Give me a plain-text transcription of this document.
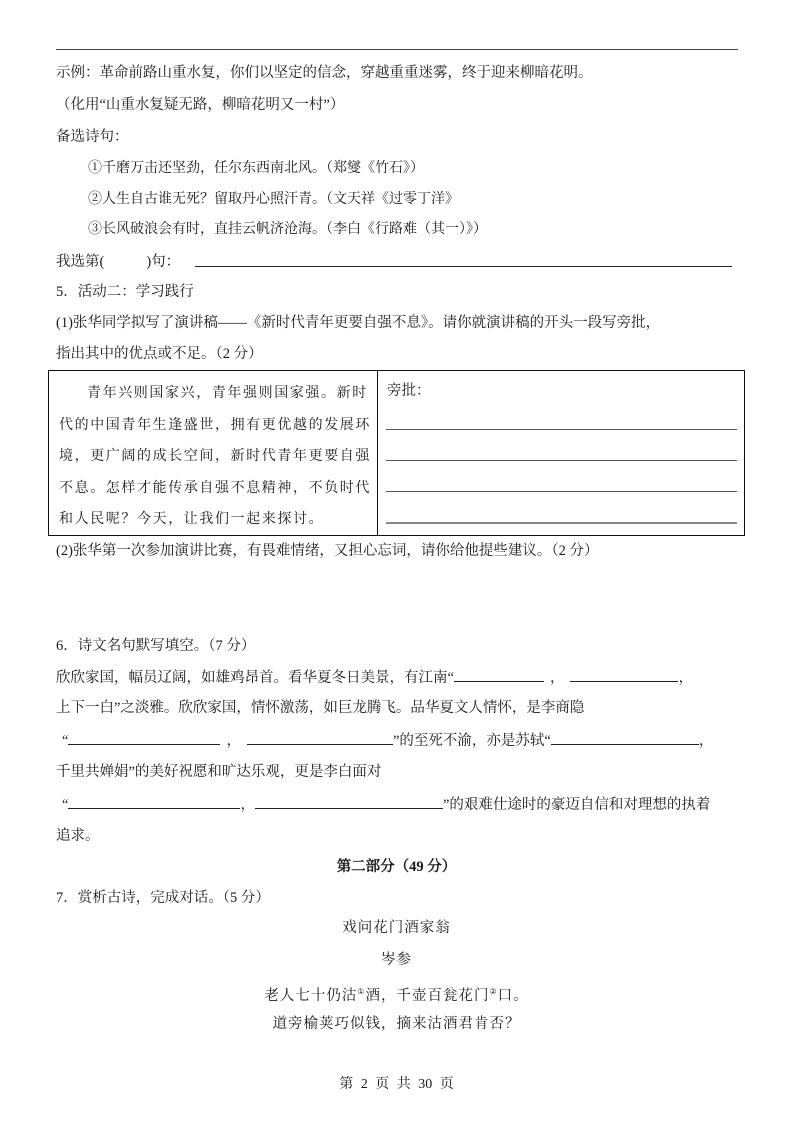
示例：革命前路山重水复，你们以坚定的信念，穿越重重迷雾，终于迎来柳暗花明。
（化用“山重水复疑无路，柳暗花明又一村”）
备选诗句：
①千磨万击还坚劲，任尔东西南北风。（郑燮《竹石》）
②人生自古谁无死？留取丹心照汗青。（文天祥《过零丁洋》
③长风破浪会有时，直挂云帆济沧海。（李白《行路难（其一）》）
我选第(	)句：
5．活动二：学习践行
(1)张华同学拟写了演讲稿——《新时代青年更要自强不息》。请你就演讲稿的开头一段写旁批，
指出其中的优点或不足。（2 分）
青年兴则国家兴，青年强则国家强。新时
代的中国青年生逢盛世，拥有更优越的发展环
境，更广阔的成长空间，新时代青年更要自强
不息。怎样才能传承自强不息精神，不负时代
和人民呢？今天，让我们一起来探讨。
旁批：
(2)张华第一次参加演讲比赛，有畏难情绪，又担心忘词，请你给他提些建议。（2 分）
6．诗文名句默写填空。（7 分）
欣欣家国，幅员辽阔，如雄鸡昂首。看华夏冬日美景，有江南“	，	，
上下一白”之淡雅。欣欣家国，情怀激荡，如巨龙腾飞。品华夏文人情怀，是李商隐
“	，	”的至死不渝，亦是苏轼“	，
千里共婵娟”的美好祝愿和旷达乐观，更是李白面对
“	，	”的艰难仕途时的豪迈自信和对理想的执着
追求。
第二部分（49 分）
7．赏析古诗，完成对话。（5 分）
戏问花门酒家翁
岑参
老人七十仍沽①酒，千壶百瓮花门②口。
道旁榆荚巧似钱，摘来沽酒君肯否？
第 2 页 共 30 页
